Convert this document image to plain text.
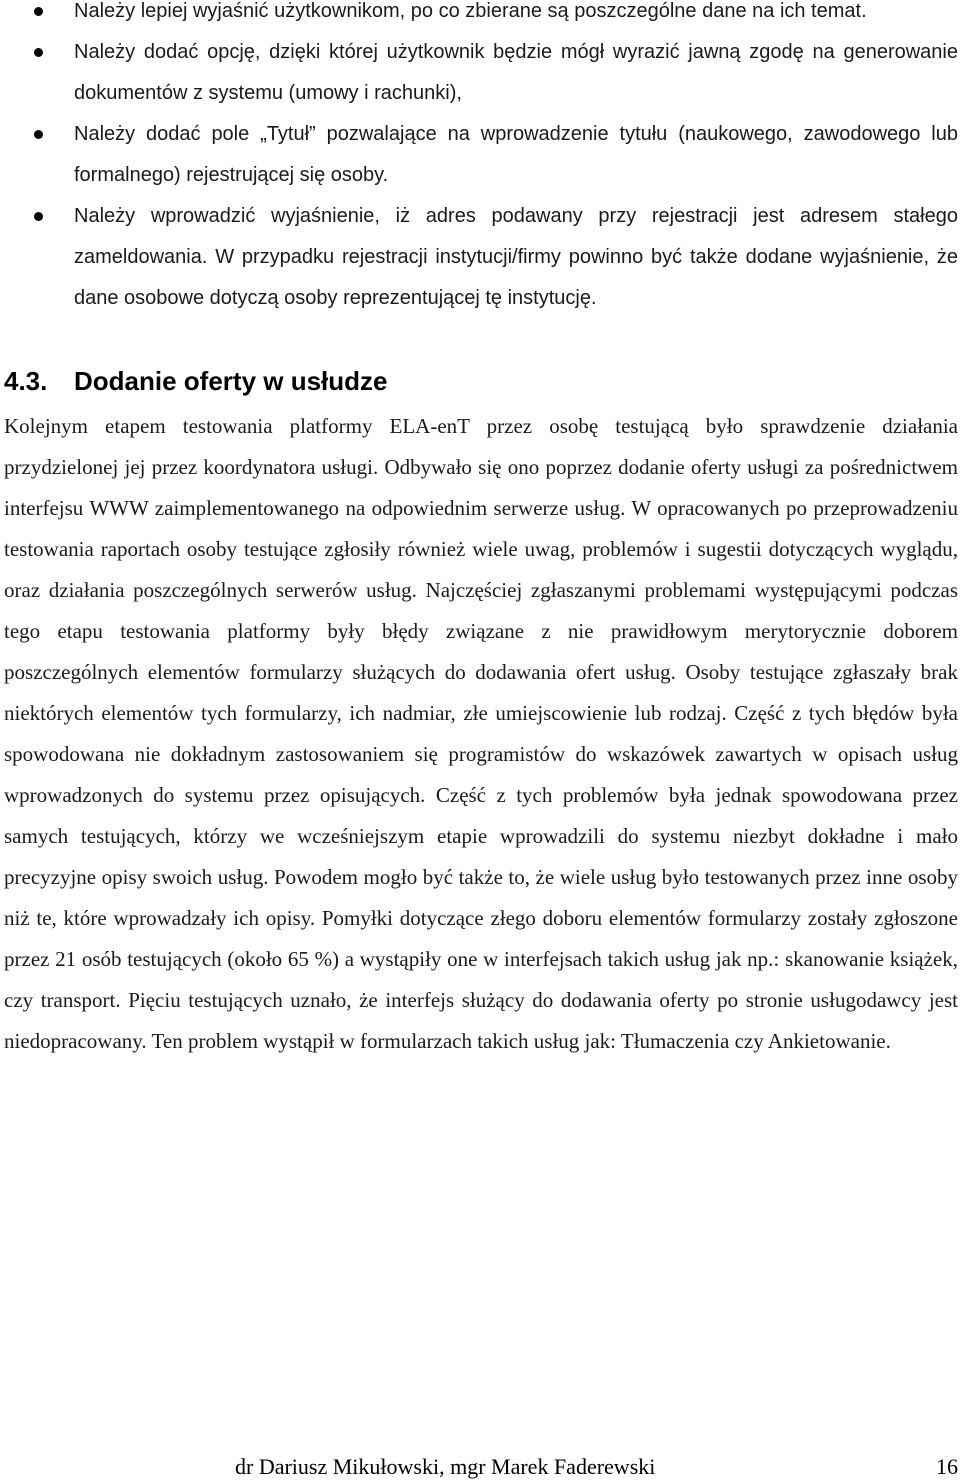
Należy lepiej wyjaśnić użytkownikom, po co zbierane są poszczególne dane na ich temat.
Należy dodać opcję, dzięki której użytkownik będzie mógł wyrazić jawną zgodę na generowanie dokumentów z systemu (umowy i rachunki),
Należy dodać pole „Tytuł” pozwalające na wprowadzenie tytułu (naukowego, zawodowego lub formalnego) rejestrującej się osoby.
Należy wprowadzić wyjaśnienie, iż adres podawany przy rejestracji jest adresem stałego zameldowania. W przypadku rejestracji instytucji/firmy powinno być także dodane wyjaśnienie, że dane osobowe dotyczą osoby reprezentującej tę instytucję.
4.3. Dodanie oferty w usłudze

Kolejnym etapem testowania platformy ELA-enT przez osobę testującą było sprawdzenie działania przydzielonej jej przez koordynatora usługi. Odbywało się ono poprzez dodanie oferty usługi za pośrednictwem interfejsu WWW zaimplementowanego na odpowiednim serwerze usług. W opracowanych po przeprowadzeniu testowania raportach osoby testujące zgłosiły również wiele uwag, problemów i sugestii dotyczących wyglądu, oraz działania poszczególnych serwerów usług. Najczęściej zgłaszanymi problemami występującymi podczas tego etapu testowania platformy były błędy związane z nie prawidłowym merytorycznie doborem poszczególnych elementów formularzy służących do dodawania ofert usług. Osoby testujące zgłaszały brak niektórych elementów tych formularzy, ich nadmiar, złe umiejscowienie lub rodzaj. Część z tych błędów była spowodowana nie dokładnym zastosowaniem się programistów do wskazówek zawartych w opisach usług wprowadzonych do systemu przez opisujących. Część z tych problemów była jednak spowodowana przez samych testujących, którzy we wcześniejszym etapie wprowadzili do systemu niezbyt dokładne i mało precyzyjne opisy swoich usług. Powodem mogło być także to, że wiele usług było testowanych przez inne osoby niż te, które wprowadzały ich opisy. Pomyłki dotyczące złego doboru elementów formularzy zostały zgłoszone przez 21 osób testujących (około 65 %) a wystąpiły one w interfejsach takich usług jak np.: skanowanie książek, czy transport. Pięciu testujących uznało, że interfejs służący do dodawania oferty po stronie usługodawcy jest niedopracowany. Ten problem wystąpił w formularzach takich usług jak: Tłumaczenia czy Ankietowanie.

dr Dariusz Mikułowski, mgr Marek Faderewski	16
